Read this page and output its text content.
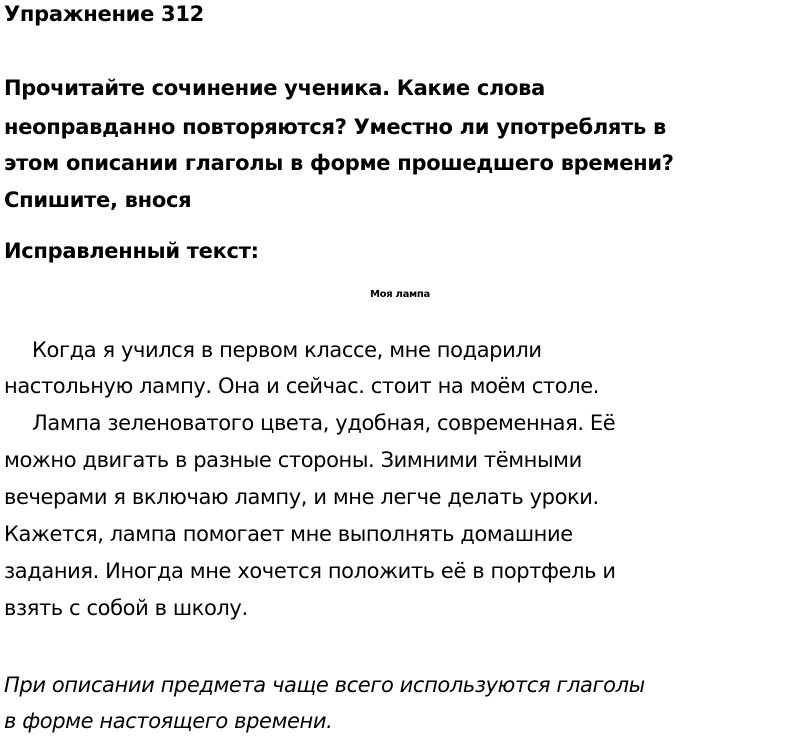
Упражнение 312
Прочитайте сочинение ученика. Какие слова
неоправданно повторяются? Уместно ли употреблять в
этом описании глаголы в форме прошедшего времени?
Спишите, внося
Исправленный текст:
Моя лампа
Когда я учился в первом классе, мне подарили
настольную лампу. Она и сейчас. стоит на моём столе.
Лампа зеленоватого цвета, удобная, современная. Её
можно двигать в разные стороны. Зимними тёмными
вечерами я включаю лампу, и мне легче делать уроки.
Кажется, лампа помогает мне выполнять домашние
задания. Иногда мне хочется положить её в портфель и
взять с собой в школу.
При описании предмета чаще всего используются глаголы
в форме настоящего времени.
